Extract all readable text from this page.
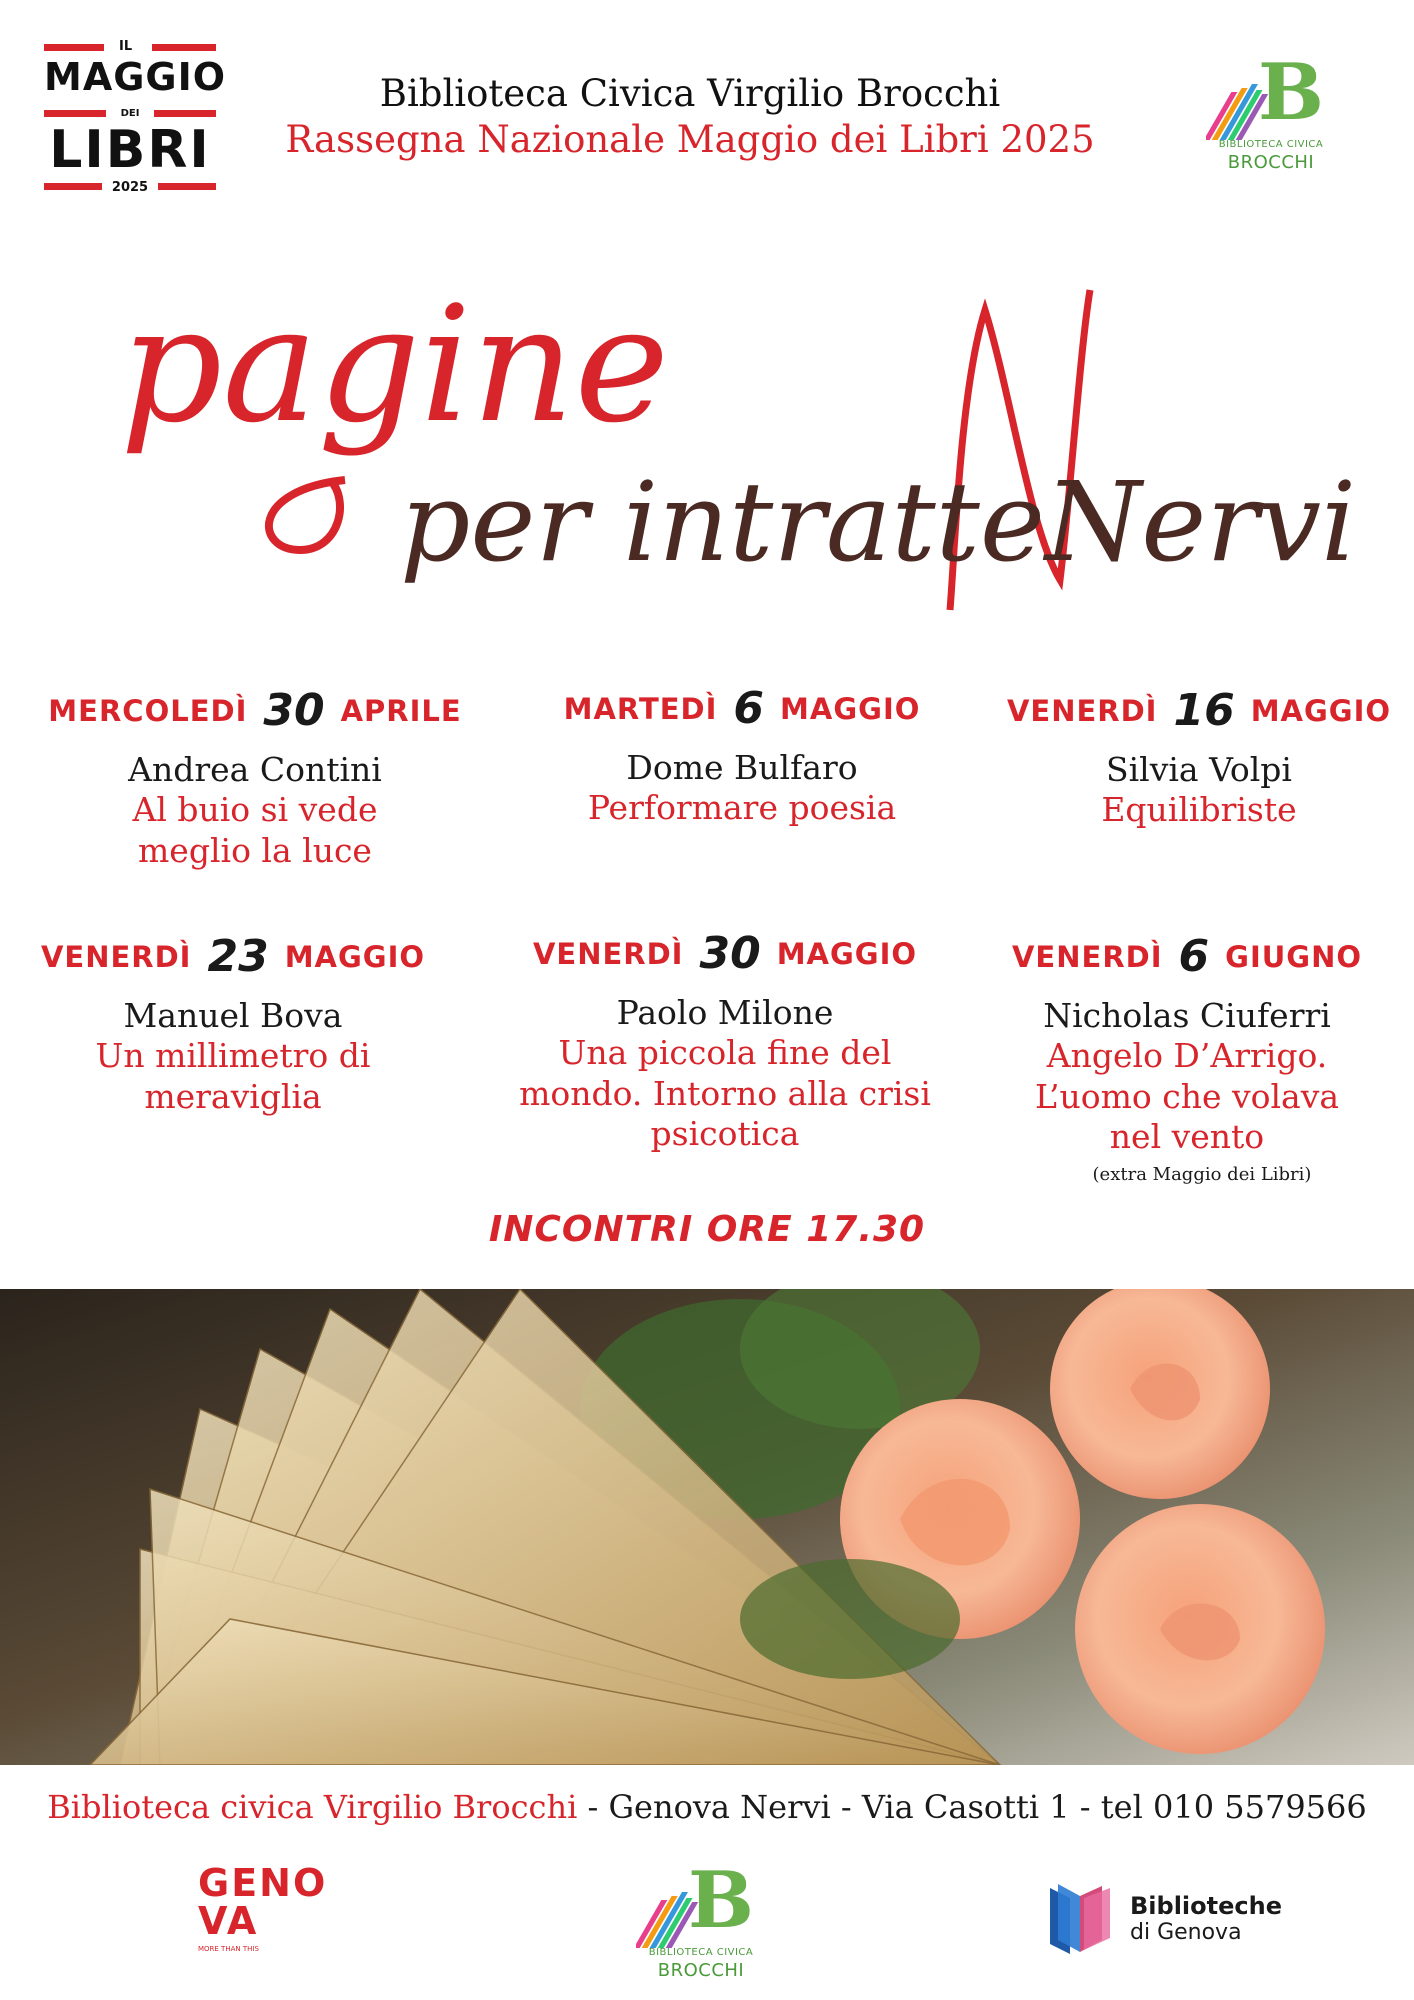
IL
MAGGIO
DEI
LIBRI
2025
Biblioteca Civica Virgilio Brocchi
Rassegna Nazionale Maggio dei Libri 2025
B
BIBLIOTECA CIVICA
BROCCHI
pagine
per intratteNervi
MERCOLEDÌ 30 APRILE
Andrea Contini
Al buio si vede
meglio la luce
MARTEDÌ 6 MAGGIO
Dome Bulfaro
Performare poesia
VENERDÌ 16 MAGGIO
Silvia Volpi
Equilibriste
VENERDÌ 23 MAGGIO
Manuel Bova
Un millimetro di
meraviglia
VENERDÌ 30 MAGGIO
Paolo Milone
Una piccola fine del
mondo. Intorno alla crisi
psicotica
VENERDÌ 6 GIUGNO
Nicholas Ciuferri
Angelo D’Arrigo.
L’uomo che volava
nel vento
(extra Maggio dei Libri)
INCONTRI ORE 17.30
Biblioteca civica Virgilio Brocchi - Genova Nervi - Via Casotti 1 - tel 010 5579566
GENO
VA
MORE THAN THIS
B
BIBLIOTECA CIVICA
BROCCHI
Biblioteche
di Genova
